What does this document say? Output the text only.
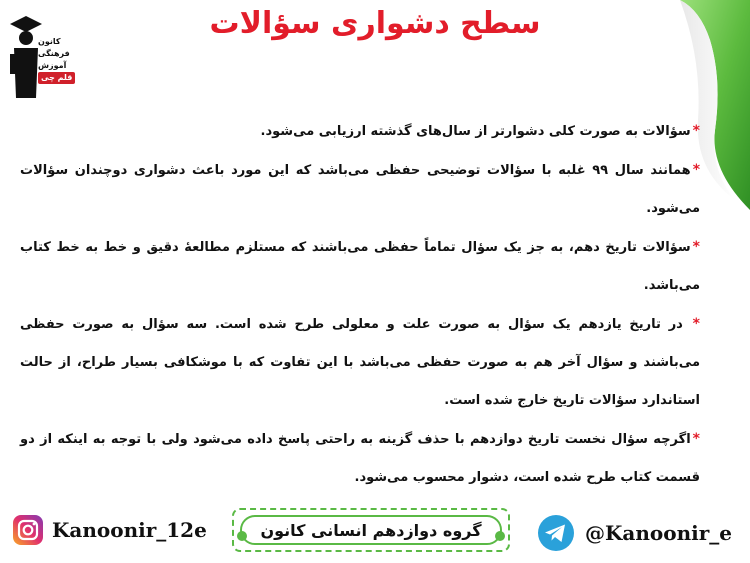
کانون
فرهنگی
آموزش
قلم چی
سطح دشواری سؤالات

*سؤالات به صورت کلی دشوارتر از سال‌های گذشته ارزیابی می‌شود.

*همانند سال ۹۹ غلبه با سؤالات توضیحی حفظی می‌باشد که این مورد باعث دشواری دوچندان سؤالات می‌شود.

*سؤالات تاریخ دهم، به جز یک سؤال تماماً حفظی می‌باشند که مستلزم مطالعۀ دقیق و خط به خط کتاب می‌باشد.

* در تاریخ یازدهم یک سؤال به صورت علت و معلولی طرح شده است. سه سؤال به صورت حفظی می‌باشند و سؤال آخر هم به صورت حفظی می‌باشد با این تفاوت که با موشکافی بسیار طراح، از حالت استاندارد سؤالات تاریخ خارج شده است.

*اگرچه سؤال نخست تاریخ دوازدهم با حذف گزینه به راحتی پاسخ داده می‌شود ولی با توجه به اینکه از دو قسمت کتاب طرح شده است، دشوار محسوب می‌شود.

Kanoonir_12e	گروه دوازدهم انسانی کانون	@Kanoonir_e
